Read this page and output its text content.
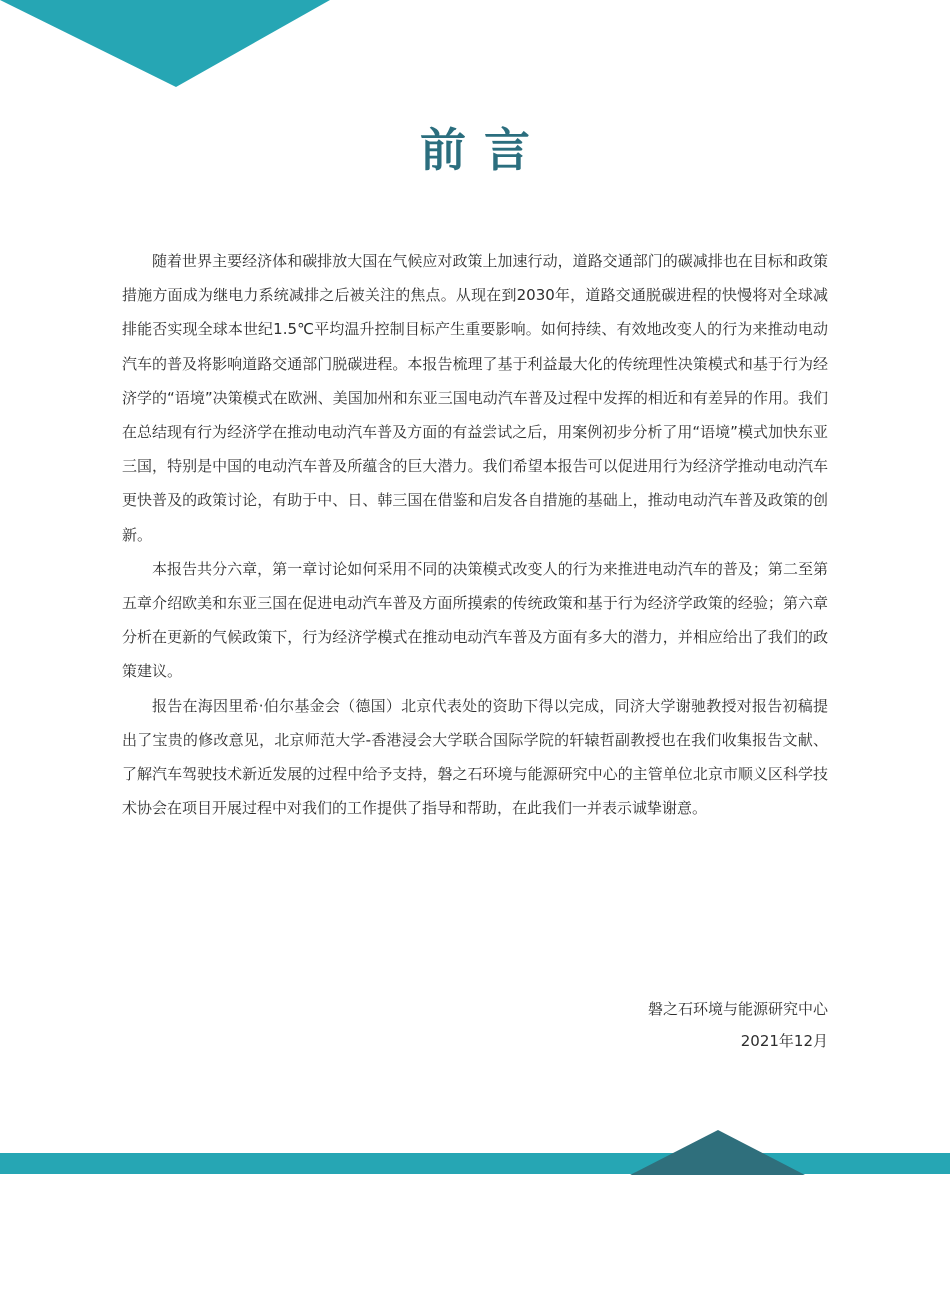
前言

随着世界主要经济体和碳排放大国在气候应对政策上加速行动，道路交通部门的碳减排也在目标和政策措施方面成为继电力系统减排之后被关注的焦点。从现在到2030年，道路交通脱碳进程的快慢将对全球减排能否实现全球本世纪1.5℃平均温升控制目标产生重要影响。如何持续、有效地改变人的行为来推动电动汽车的普及将影响道路交通部门脱碳进程。本报告梳理了基于利益最大化的传统理性决策模式和基于行为经济学的“语境”决策模式在欧洲、美国加州和东亚三国电动汽车普及过程中发挥的相近和有差异的作用。我们在总结现有行为经济学在推动电动汽车普及方面的有益尝试之后，用案例初步分析了用“语境”模式加快东亚三国，特别是中国的电动汽车普及所蕴含的巨大潜力。我们希望本报告可以促进用行为经济学推动电动汽车更快普及的政策讨论，有助于中、日、韩三国在借鉴和启发各自措施的基础上，推动电动汽车普及政策的创新。

本报告共分六章，第一章讨论如何采用不同的决策模式改变人的行为来推进电动汽车的普及；第二至第五章介绍欧美和东亚三国在促进电动汽车普及方面所摸索的传统政策和基于行为经济学政策的经验；第六章分析在更新的气候政策下，行为经济学模式在推动电动汽车普及方面有多大的潜力，并相应给出了我们的政策建议。

报告在海因里希·伯尔基金会（德国）北京代表处的资助下得以完成，同济大学谢驰教授对报告初稿提出了宝贵的修改意见，北京师范大学-香港浸会大学联合国际学院的轩辕哲副教授也在我们收集报告文献、了解汽车驾驶技术新近发展的过程中给予支持，磐之石环境与能源研究中心的主管单位北京市顺义区科学技术协会在项目开展过程中对我们的工作提供了指导和帮助，在此我们一并表示诚挚谢意。

磐之石环境与能源研究中心
2021年12月
